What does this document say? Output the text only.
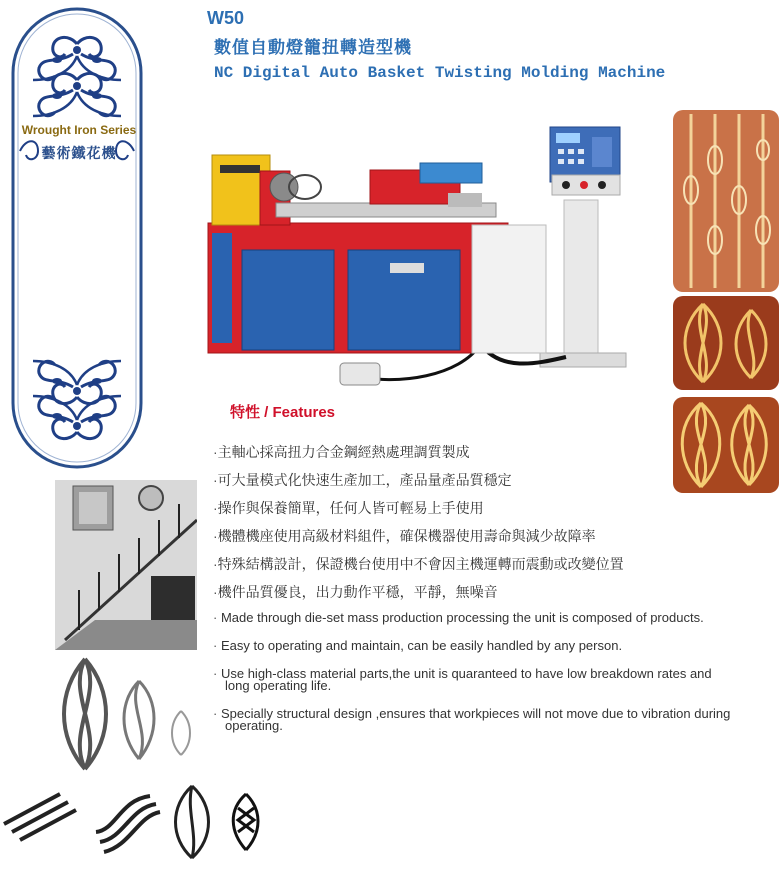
Wrought Iron Series
藝術鐵花機
W50
數值自動燈籠扭轉造型機
NC Digital Auto Basket Twisting Molding Machine
特性 / Features
·主軸心採高扭力合金鋼經熱處理調質製成
·可大量模式化快速生產加工，產品量產品質穩定
·操作與保養簡單，任何人皆可輕易上手使用
·機體機座使用高級材料組件，確保機器使用壽命與減少故障率
·特殊結構設計，保證機台使用中不會因主機運轉而震動或改變位置
·機件品質優良，出力動作平穩，平靜，無噪音
· Made through die-set mass production processing the unit is composed of products.
· Easy to operating and maintain, can be easily handled by any person.
· Use high-class material parts,the unit is quaranteed to have low breakdown rates and long operating life.
· Specially structural design ,ensures that workpieces will not move due to vibration during operating.
